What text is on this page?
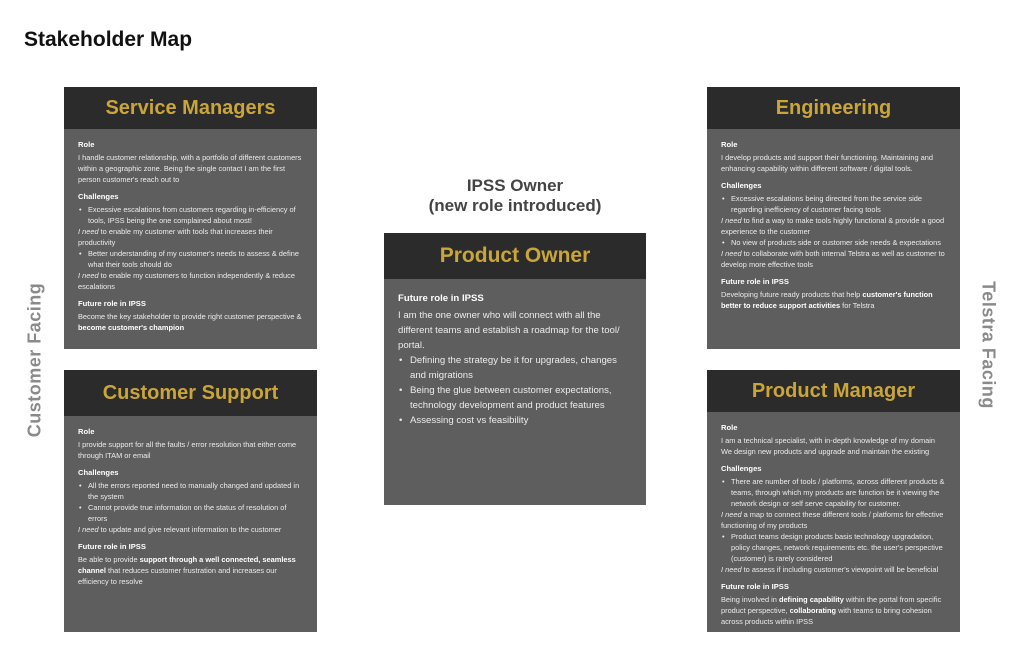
Stakeholder Map
Customer Facing	Telstra Facing
Service Managers
Role
I handle customer relationship, with a portfolio of different customers within a geographic zone. Being the single contact I am the first person customer's reach out to
Challenges
• Excessive escalations from customers regarding in-efficiency of tools, IPSS being the one complained about most!
I need to enable my customer with tools that increases their productivity
• Better understanding of my customer's needs to assess & define what their tools should do
I need to enable my customers to function independently & reduce escalations
Future role in IPSS
Become the key stakeholder to provide right customer perspective & become customer's champion
Customer Support
Role
I provide support for all the faults / error resolution that either come through ITAM or email
Challenges
• All the errors reported need to manually changed and updated in the system
• Cannot provide true information on the status of resolution of errors
I need to update and give relevant information to the customer
Future role in IPSS
Be able to provide support through a well connected, seamless channel that reduces customer frustration and increases our efficiency to resolve
IPSS Owner
(new role introduced)
Product Owner
Future role in IPSS
I am the one owner who will connect with all the different teams and establish a roadmap for the tool/ portal.
• Defining the strategy be it for upgrades, changes and migrations
• Being the glue between customer expectations, technology development and product features
• Assessing cost vs feasibility
Engineering
Role
I develop products and support their functioning. Maintaining and enhancing capability within different software / digital tools.
Challenges
• Excessive escalations being directed from the service side regarding inefficiency of customer facing tools
I need to find a way to make tools highly functional & provide a good experience to the customer
• No view of products side or customer side needs & expectations
I need to collaborate with both internal Telstra as well as customer to develop more effective tools
Future role in IPSS
Developing future ready products that help customer's function better to reduce support activities for Telstra
Product Manager
Role
I am a technical specialist, with in-depth knowledge of my domain We design new products and upgrade and maintain the existing
Challenges
• There are number of tools / platforms, across different products & teams, through which my products are function be it viewing the network design or self serve capability for customer.
I need a map to connect these different tools / platforms for effective functioning of my products
• Product teams design products basis technology upgradation, policy changes, network requirements etc. the user's perspective (customer) is rarely considered
I need to assess if including customer's viewpoint will be beneficial
Future role in IPSS
Being involved in defining capability within the portal from specific product perspective, collaborating with teams to bring cohesion across products within IPSS
